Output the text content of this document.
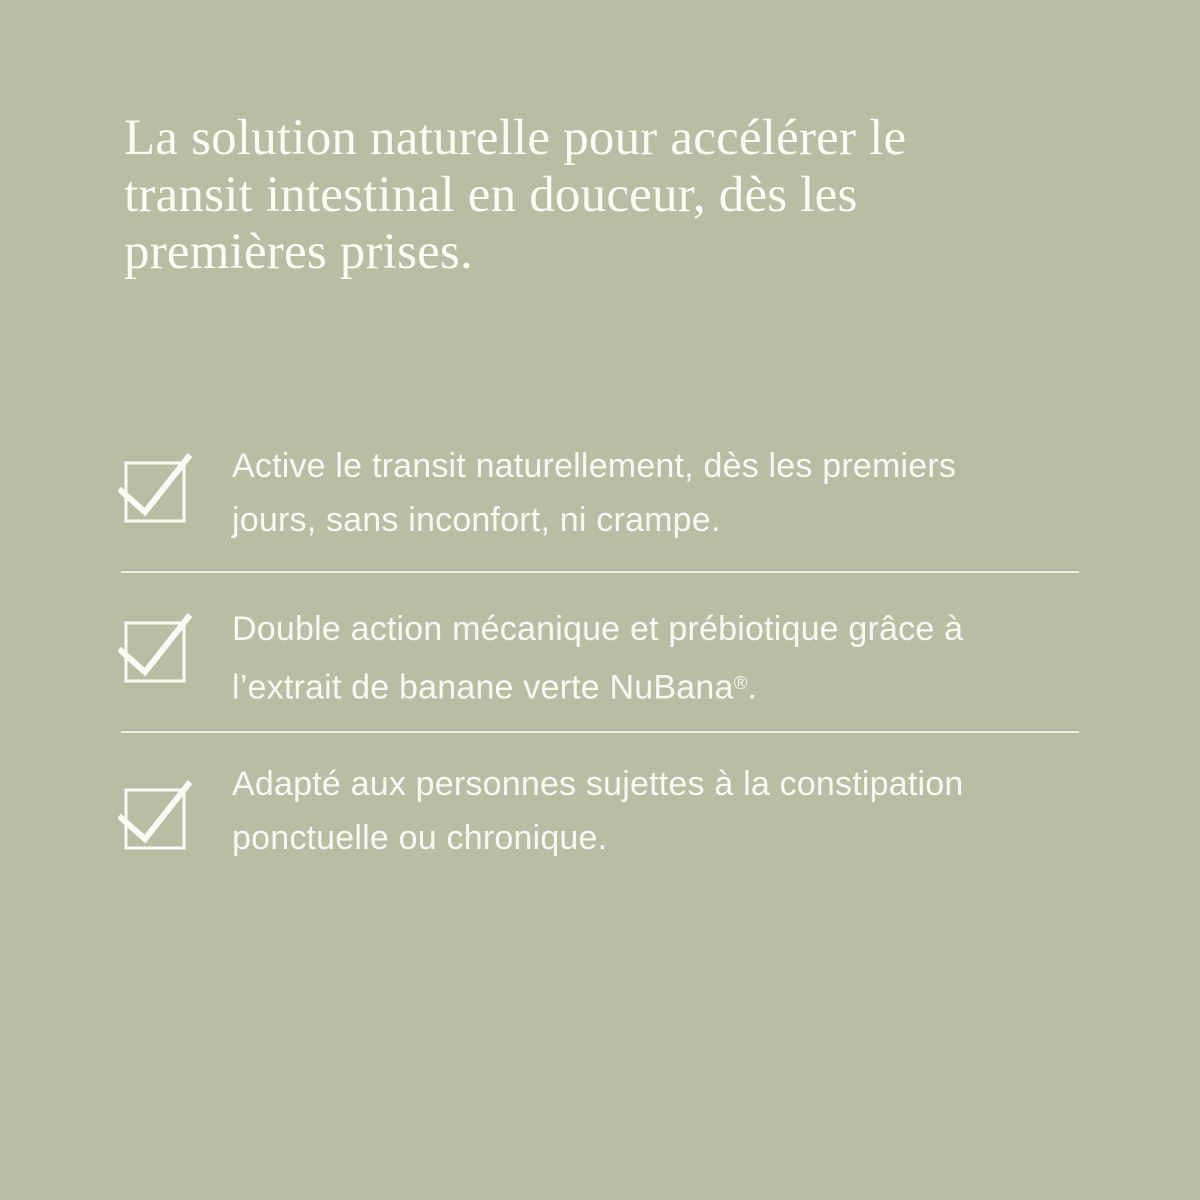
La solution naturelle pour accélérer le
transit intestinal en douceur, dès les
premières prises.
Active le transit naturellement, dès les premiers
jours, sans inconfort, ni crampe.
Double action mécanique et prébiotique grâce à
l’extrait de banane verte NuBana®.
Adapté aux personnes sujettes à la constipation
ponctuelle ou chronique.
